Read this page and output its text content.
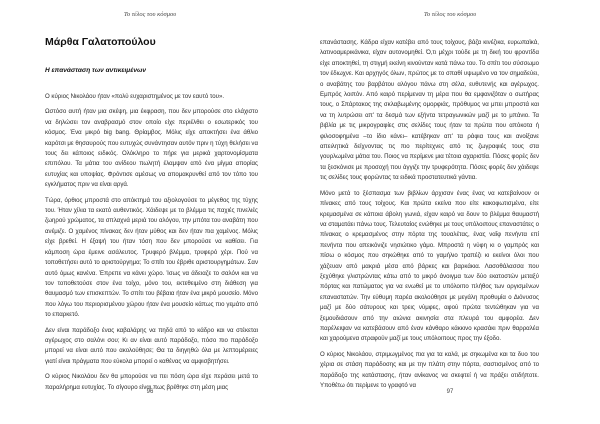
Το τέλος του κόσμου
Μάρθα Γαλατοπούλου
Η επανάσταση των αντικειμένων

Ο κύριος Νικολάου ήταν «πολύ ευχαριστημένος με τον εαυτό του».

Ωστόσο αυτή ήταν μια σκέψη, μια έκφραση, που δεν μπορούσε στο ελάχιστο να δηλώσει τον αναβρασμό στον οποίο είχε περιέλθει ο εσωτερικός του κόσμος. Ένα μικρό big bang. Θρίαμβος. Μόλις είχε αποκτήσει ένα άθλιο καρότσι με θησαυρούς που ευτυχώς συνάντησαν αυτόν πριν η τύχη θελήσει να τους δει κάποιος ειδικός. Ολόκληρο το πήρε για μερικά χαρτονομίσματα επιπόλου. Τα μάτια του ανίδεου πωλητή έλαμψαν από ένα μίγμα απορίας ευτυχίας και υποψίας. Φρόντισε αμέσως να απομακρυνθεί από τον τόπο του εγκλήματος πριν να είναι αργά.

Τώρα, όρθιος μπροστά στο απόκτημά του αξιολογούσε το μέγεθος της τύχης του. Ήταν χίλια τα εκατό αυθεντικός. Χάιδεψε με το βλέμμα τις παχιές πινελιές ζωηρού χρώματος, τα σπλαχνά μεριά του αλόγου, την μπότα του αναβάτη που ανέμιζε. Ο χαμένος πίνακας δεν ήταν μύθος και δεν ήταν πια χαμένος. Μόλις είχε βρεθεί. Η έξαψή του ήταν τόση που δεν μπορούσε να καθίσει. Για κάμποση ώρα έμεινε ασάλευτος. Τρυφερό βλέμμα, τρυφερό χέρι. Πού να τοποθετήσει αυτό το αριστούργημα; Το σπίτι του έβριθε αριστουργημάτων. Σαν αυτό όμως κανένα. Έπρεπε να κάνει χώρο. Ίσως να άδειαζε το σαλόνι και να τον τοποθετούσε στον ένα τοίχο, μόνο του, εκτεθειμένο στη διάθεση για θαυμασμό των επισκεπτών. Το σπίτι του βέβαια ήταν ένα μικρό μουσείο. Μόνο που λόγω του περιορισμένου χώρου ήταν ένα μουσείο κάπως πιο γεμάτο από το επαρκετό.

Δεν είναι παράδοξο ένας καβαλάρης να πηδά από το κάδρο και να στέκεται αγέρωχος στο σαλόνι σου; Κι αν είναι αυτό παράδοξο, πόσο πιο παράδοξο μπορεί να είναι αυτό που ακολούθησε; Θα τα διηγηθώ όλα με λεπτομέρειες γιατί είναι πράγματα που εύκολα μπορεί ο καθένας να αμφισβητήσει.

Ο κύριος Νικολάου δεν θα μπορούσε να πει πόση ώρα είχε περάσει μετά το παραλήρημα ευτυχίας. Το σίγουρο είναι πως βρέθηκε στη μέση μιας

96
Το τέλος του κόσμου

επανάστασης. Κάδρα είχαν κατέβει από τους τοίχους, βάζα κινέζικα, ευρωπαϊκά, λατινοαμερικάνικα, είχαν αυτονομηθεί. Ό,τι μέχρι τούδε με τη δική του φροντίδα είχε αποκτηθεί, τη στιγμή εκείνη κινούνταν κατά πάνω του. Το σπίτι του σύσσωμο τον έδιωχνε. Και αρχηγός όλων, πρώτος με το σπαθί υψωμένο να τον σημαδεύει, ο αναβάτης του βαρβάτου αλόγου πάνω στη σέλα, ευθυτενής και αγέρωχος. Εμπρός λοιπόν. Από καιρό περίμεναν τη μέρα που θα εμφανιζόταν ο σωτήρας τους, ο Σπάρτακος της σκλαβωμένης ομορφιάς, πρόθυμος να μπει μπροστά και να τη λυτρώσει απ' τα δεσμά των εξήντα τετραγωνικών μαζί με το μπάνιο. Τα βιβλία με τις μικρογραφίες στις σελίδες τους ήταν τα πρώτα που απόκοτα ή φιλοσοφημένα –το ίδιο κάνει– κατέβηκαν απ' τα ράφια τους και ανοίξανε απειλητικά δείχνοντας τις πιο περίτεχνες από τις ζωγραφιές τους στα γουρλωμένα μάτια του. Ποιος να περίμενε μια τέτοια αχαριστία. Πόσες φορές δεν τα ξεσκόνισε με προσοχή που άγγιζε την τρυφερότητα. Πόσες φορές δεν χάιδεψε τις σελίδες τους φορώντας τα ειδικά προστατευτικά γάντια.

Μόνο μετά το ξέσπασμα των βιβλίων άρχισαν ένας ένας να κατεβαίνουν οι πίνακες από τους τοίχους. Και πρώτα εκείνα που είτε κακοφωτισμένα, είτε κρεμασμένα σε κάποια άβολη γωνιά, είχαν καιρό να δουν το βλέμμα θαυμαστή να σταματάει πάνω τους. Τελευταίος ενώθηκε με τους υπόλοιπους επαναστάτες ο πίνακας ο κρεμασμένος στην πόρτα της τουαλέτας, ένας ναΐφ πενήντα επί πενήντα που απεικόνιζε νησιώτικο γάμο. Μπροστά η νύφη κι ο γαμπρός και πίσω ο κόσμος που σηκώθηκε από το γαμήλιο τραπέζι κι εκείνοι όλοι που χάζευαν από μακριά μέσα από βάρκες και βαρκάκια. Λασοθάλασσα που ξεχύθηκε γλιστρώντας κάτω από το μικρό άνοιγμα των δύο εκατοστών μεταξύ πόρτας και πατώματος για να ενωθεί με το υπόλοιπο πλήθος των οργισμένων επαναστατών. Την εύθυμη παρέα ακολούθησε με μεγάλη προθυμία ο Διόνυσος μαζί με δύο σάτυρους και τρεις νύμφες, αφού πρώτα τεντώθηκαν για να ξεμουδιάσουν από την αιώνια ακινησία στα πλευρά του αμφορέα. Δεν παρέλειψαν να κατεβάσουν από έναν κάνθαρο κάκκινο κρασάκι πριν θαρραλέα και χαρούμενα στραφούν μαζί με τους υπόλοιπους προς την έξοδο.

Ο κύριος Νικολάου, στριμωγμένος πια για τα καλά, με σηκωμένα και τα δυο του χέρια σε στάση παράδοσης και με την πλάτη στην πόρτα, σαστισμένος από το παράδοξο της κατάστασης, ήταν ανίκανος να σκεφτεί ή να πράξει οτιδήποτε. Υποθέτω ότι περίμενε το γραφτό να

97
